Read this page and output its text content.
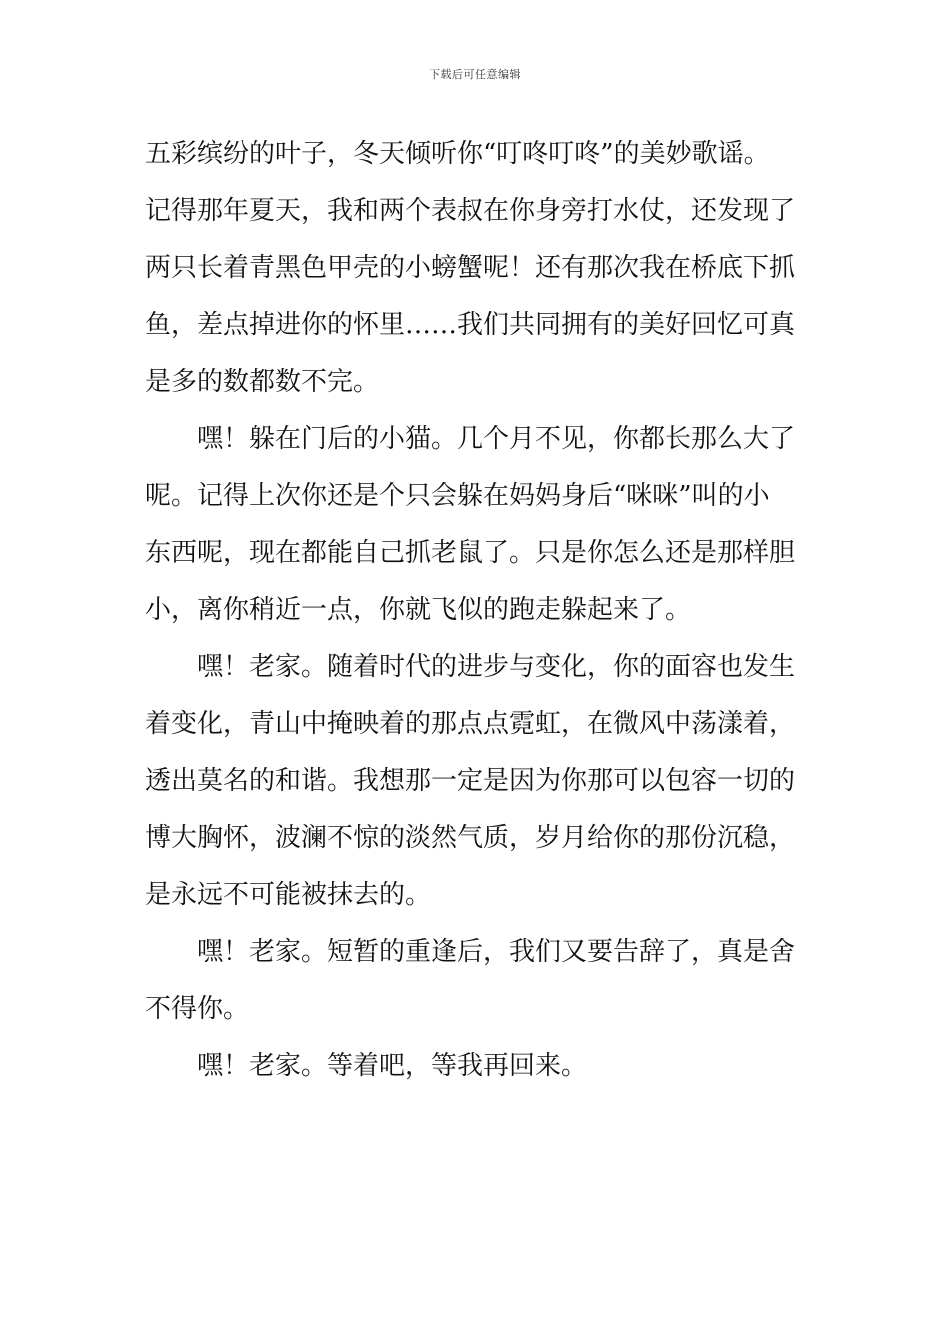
下载后可任意编辑
五彩缤纷的叶子，冬天倾听你“叮咚叮咚”的美妙歌谣。
记得那年夏天，我和两个表叔在你身旁打水仗，还发现了
两只长着青黑色甲壳的小螃蟹呢！还有那次我在桥底下抓
鱼，差点掉进你的怀里……我们共同拥有的美好回忆可真
是多的数都数不完。
嘿！躲在门后的小猫。几个月不见，你都长那么大了
呢。记得上次你还是个只会躲在妈妈身后“咪咪”叫的小
东西呢，现在都能自己抓老鼠了。只是你怎么还是那样胆
小，离你稍近一点，你就飞似的跑走躲起来了。
嘿！老家。随着时代的进步与变化，你的面容也发生
着变化，青山中掩映着的那点点霓虹，在微风中荡漾着，
透出莫名的和谐。我想那一定是因为你那可以包容一切的
博大胸怀，波澜不惊的淡然气质，岁月给你的那份沉稳，
是永远不可能被抹去的。
嘿！老家。短暂的重逢后，我们又要告辞了，真是舍
不得你。
嘿！老家。等着吧，等我再回来。
